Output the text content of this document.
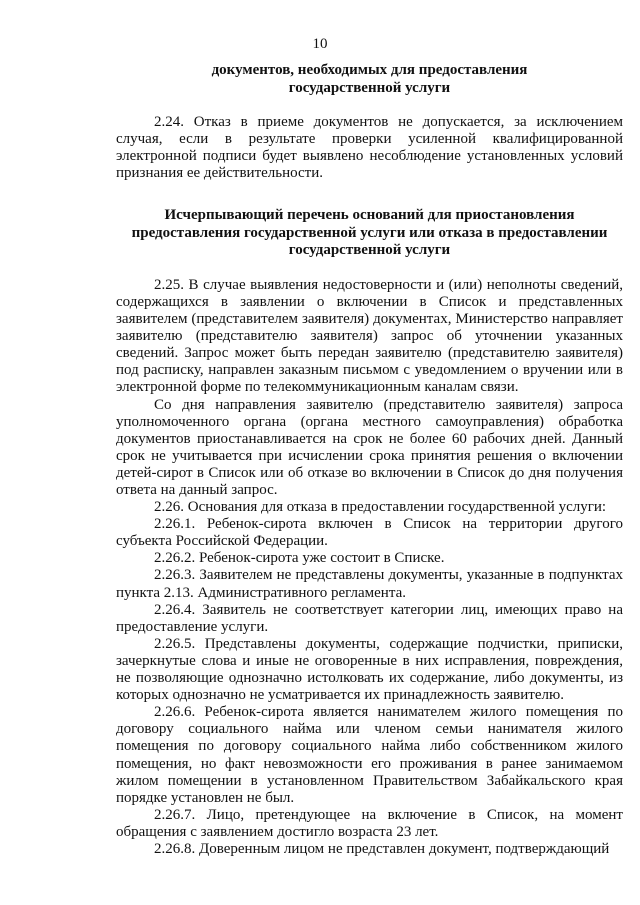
10
документов, необходимых для предоставления государственной услуги

2.24. Отказ в приеме документов не допускается, за исключением случая, если в результате проверки усиленной квалифицированной электронной подписи будет выявлено несоблюдение установленных условий признания ее действительности.

Исчерпывающий перечень оснований для приостановления предоставления государственной услуги или отказа в предоставлении государственной услуги

2.25. В случае выявления недостоверности и (или) неполноты сведений, содержащихся в заявлении о включении в Список и представленных заявителем (представителем заявителя) документах, Министерство направляет заявителю (представителю заявителя) запрос об уточнении указанных сведений. Запрос может быть передан заявителю (представителю заявителя) под расписку, направлен заказным письмом с уведомлением о вручении или в электронной форме по телекоммуникационным каналам связи.

Со дня направления заявителю (представителю заявителя) запроса уполномоченного органа (органа местного самоуправления) обработка документов приостанавливается на срок не более 60 рабочих дней. Данный срок не учитывается при исчислении срока принятия решения о включении детей-сирот в Список или об отказе во включении в Список до дня получения ответа на данный запрос.

2.26. Основания для отказа в предоставлении государственной услуги:

2.26.1. Ребенок-сирота включен в Список на территории другого субъекта Российской Федерации.

2.26.2. Ребенок-сирота уже состоит в Списке.

2.26.3. Заявителем не представлены документы, указанные в подпунктах пункта 2.13. Административного регламента.

2.26.4. Заявитель не соответствует категории лиц, имеющих право на предоставление услуги.

2.26.5. Представлены документы, содержащие подчистки, приписки, зачеркнутые слова и иные не оговоренные в них исправления, повреждения, не позволяющие однозначно истолковать их содержание, либо документы, из которых однозначно не усматривается их принадлежность заявителю.

2.26.6. Ребенок-сирота является нанимателем жилого помещения по договору социального найма или членом семьи нанимателя жилого помещения по договору социального найма либо собственником жилого помещения, но факт невозможности его проживания в ранее занимаемом жилом помещении в установленном Правительством Забайкальского края порядке установлен не был.

2.26.7. Лицо, претендующее на включение в Список, на момент обращения с заявлением достигло возраста 23 лет.

2.26.8. Доверенным лицом не представлен документ, подтверждающий
